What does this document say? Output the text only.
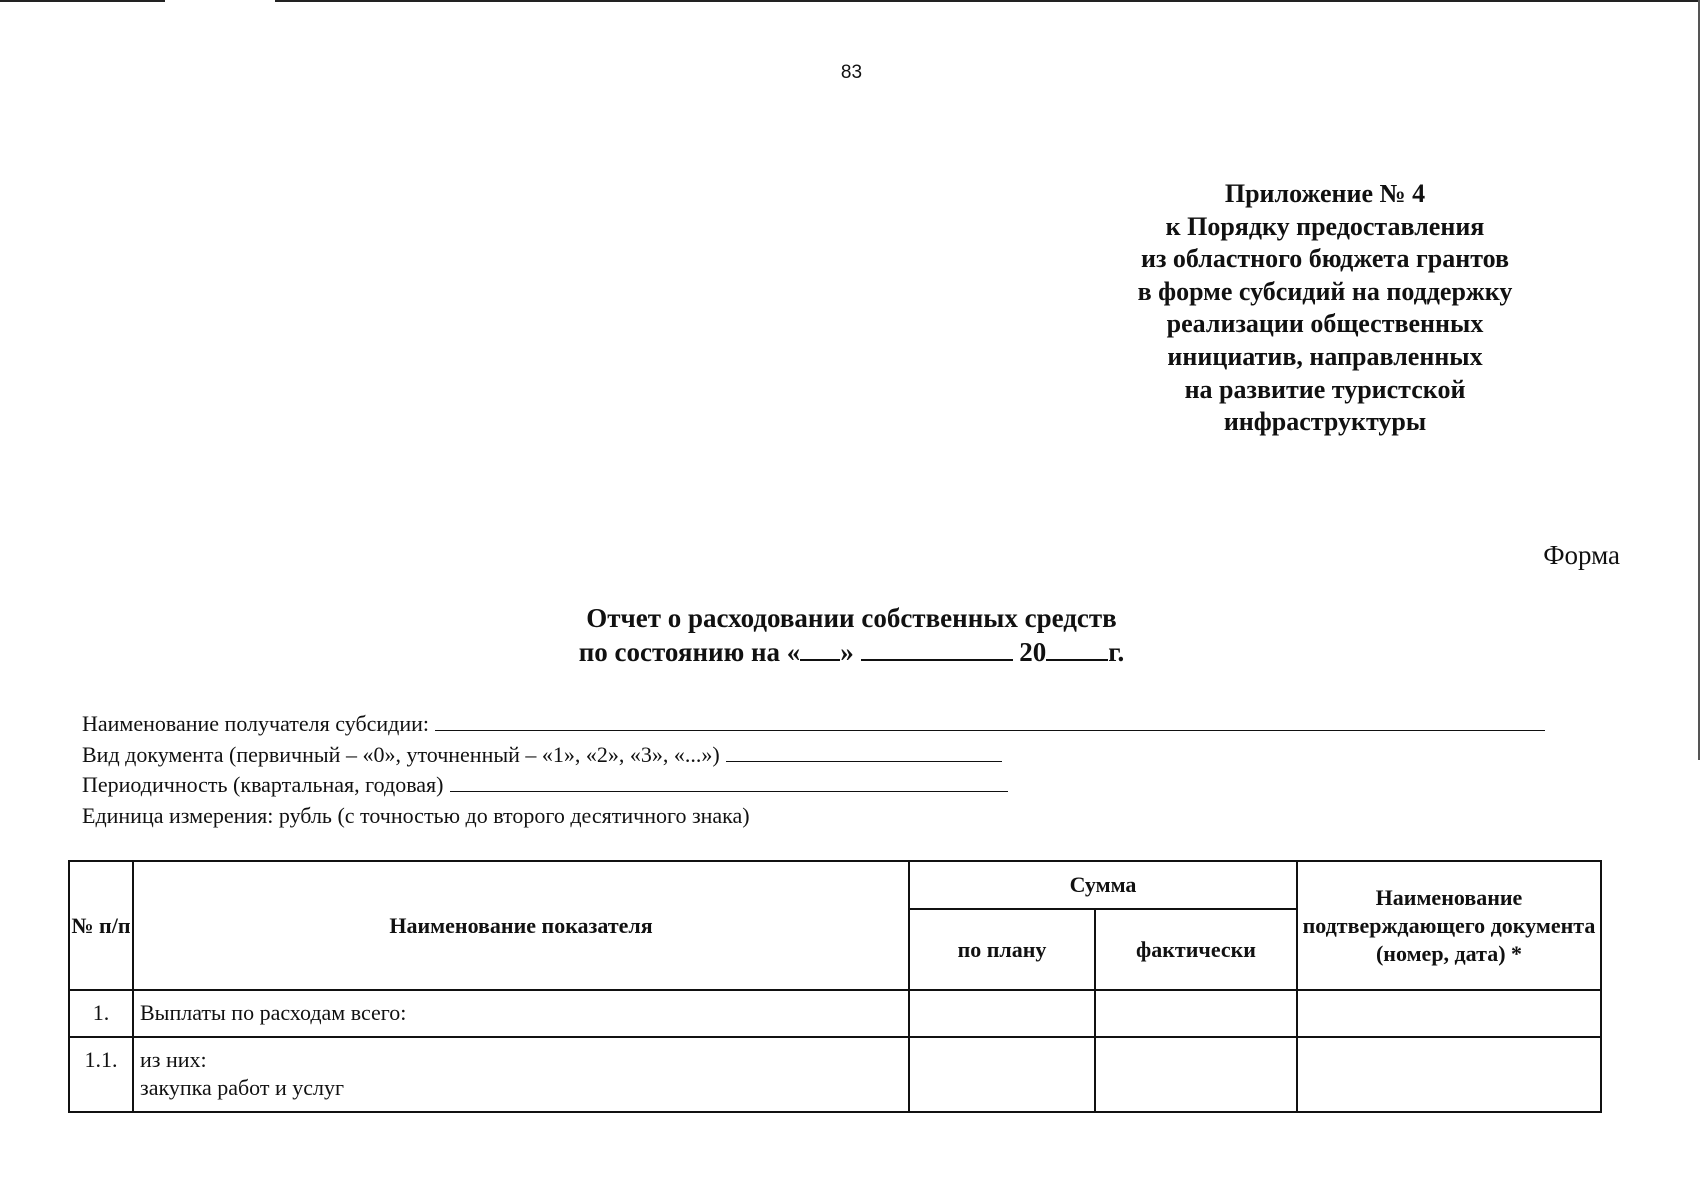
83
Приложение № 4
к Порядку предоставления
из областного бюджета грантов
в форме субсидий на поддержку
реализации общественных
инициатив, направленных
на развитие туристской
инфраструктуры
Форма
Отчет о расходовании собственных средств
по состоянию на « »	20 г.
Наименование получателя субсидии:
Вид документа (первичный – «0», уточненный – «1», «2», «3», «...»)
Периодичность (квартальная, годовая)
Единица измерения: рубль (с точностью до второго десятичного знака)
№ п/п	Наименование показателя	Сумма		Наименование подтверждающего документа (номер, дата) *
		по плану	фактически	
1.	Выплаты по расходам всего:			

1.1.	из них:
закупка работ и услуг			
